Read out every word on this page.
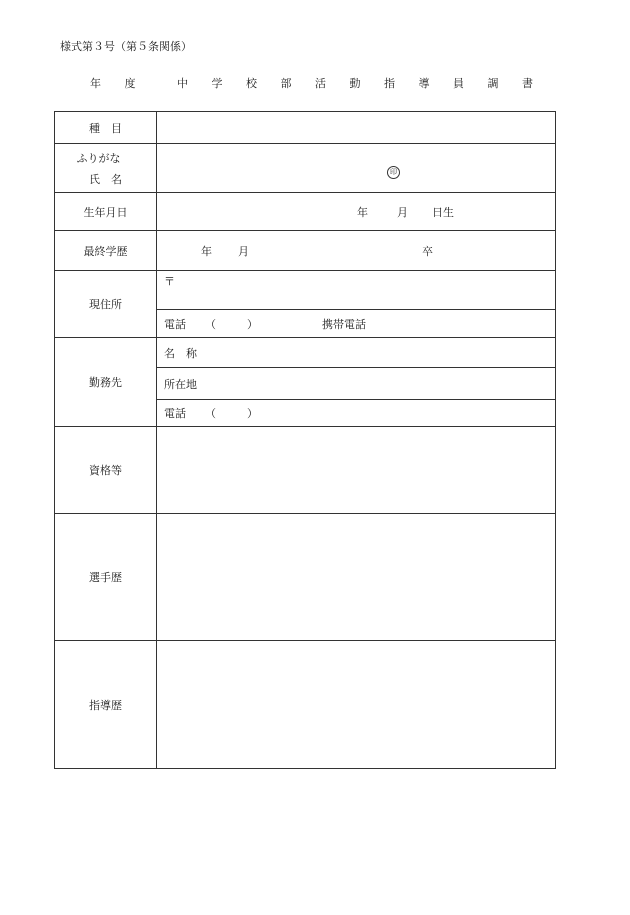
様式第３号（第５条関係）
年 度　 中 学 校 部 活 動 指 導 員 調 書
種　目	

ふりがな
氏　名	印

生年月日	年 月 日生

最終学歴	年 月 卒

現住所	〒

	電話 （ ） 携帯電話

勤務先	名　称

	所在地

	電話 （ ）

資格等	
選手歴	
指導歴	
